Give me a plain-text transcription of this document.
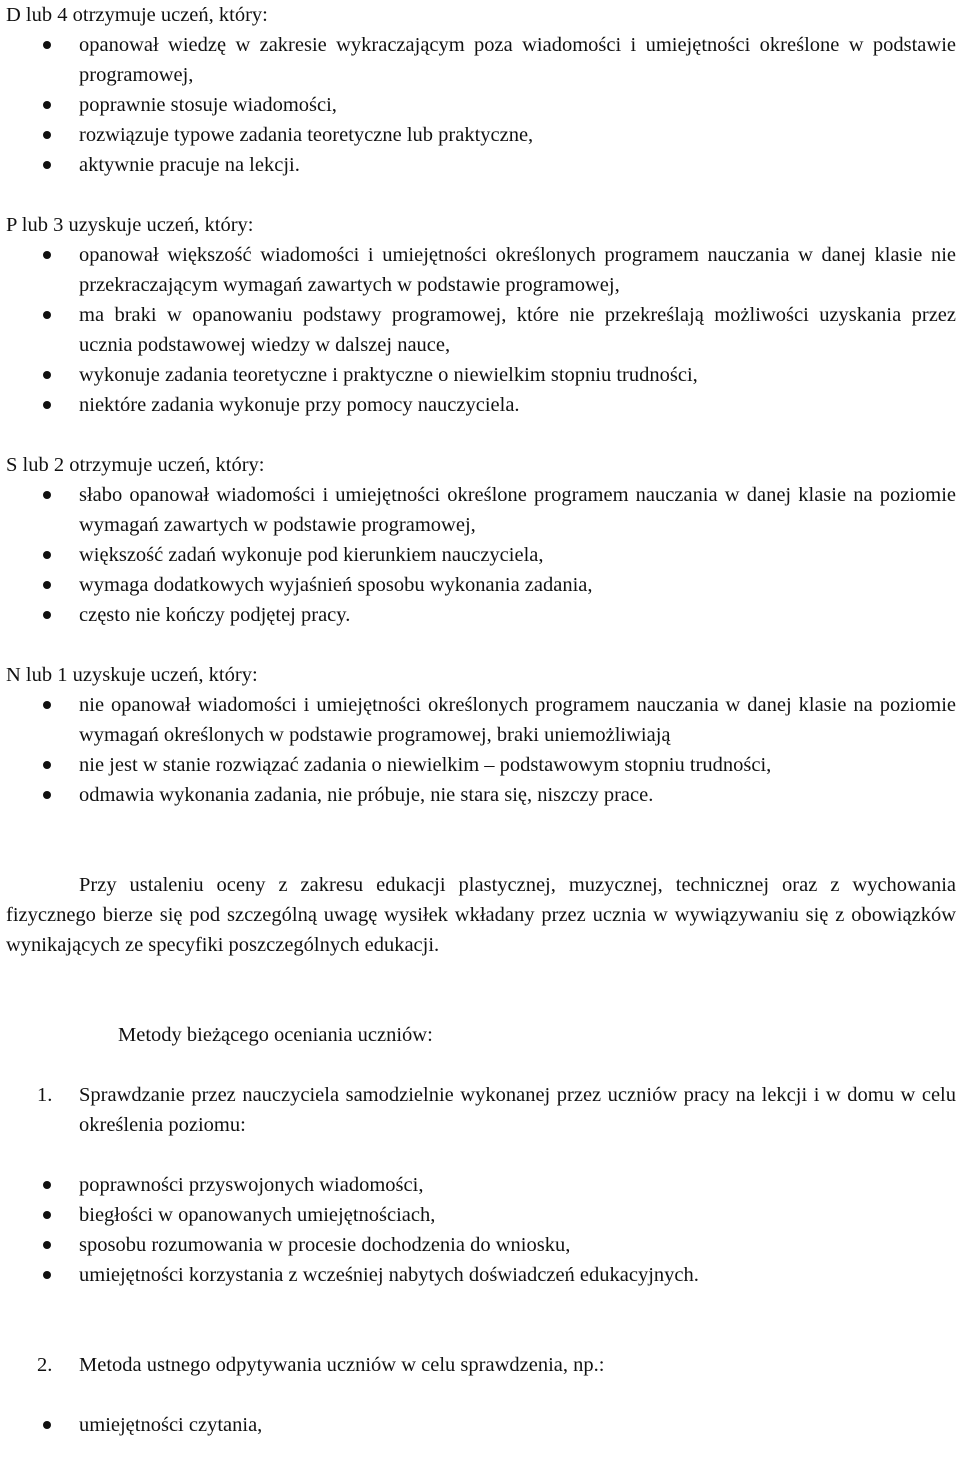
D lub 4 otrzymuje uczeń, który:

opanował wiedzę w zakresie wykraczającym poza wiadomości i umiejętności określone w podstawie programowej,
poprawnie stosuje wiadomości,
rozwiązuje typowe zadania teoretyczne lub praktyczne,
aktywnie pracuje na lekcji.

P lub 3 uzyskuje uczeń, który:

opanował większość wiadomości i umiejętności określonych programem nauczania w danej klasie nie przekraczającym wymagań zawartych w podstawie programowej,
ma braki w opanowaniu podstawy programowej, które nie przekreślają możliwości uzyskania przez ucznia podstawowej wiedzy w dalszej nauce,
wykonuje zadania teoretyczne i praktyczne o niewielkim stopniu trudności,
niektóre zadania wykonuje przy pomocy nauczyciela.

S lub 2 otrzymuje uczeń, który:

słabo opanował wiadomości i umiejętności określone programem nauczania w danej klasie na poziomie wymagań zawartych w podstawie programowej,
większość zadań wykonuje pod kierunkiem nauczyciela,
wymaga dodatkowych wyjaśnień sposobu wykonania zadania,
często nie kończy podjętej pracy.

N lub 1 uzyskuje uczeń, który:

nie opanował wiadomości i umiejętności określonych programem nauczania w danej klasie na poziomie wymagań określonych w podstawie programowej, braki uniemożliwiają
nie jest w stanie rozwiązać zadania o niewielkim – podstawowym stopniu trudności,
odmawia wykonania zadania, nie próbuje, nie stara się, niszczy prace.

Przy ustaleniu oceny z zakresu edukacji plastycznej, muzycznej, technicznej oraz z wychowania fizycznego bierze się pod szczególną uwagę wysiłek wkładany przez ucznia w wywiązywaniu się z obowiązków wynikających ze specyfiki poszczególnych edukacji.

Metody bieżącego oceniania uczniów:

1. Sprawdzanie przez nauczyciela samodzielnie wykonanej przez uczniów pracy na lekcji i w domu w celu określenia poziomu:

poprawności przyswojonych wiadomości,
biegłości w opanowanych umiejętnościach,
sposobu rozumowania w procesie dochodzenia do wniosku,
umiejętności korzystania z wcześniej nabytych doświadczeń edukacyjnych.

2. Metoda ustnego odpytywania uczniów w celu sprawdzenia, np.:

umiejętności czytania,
